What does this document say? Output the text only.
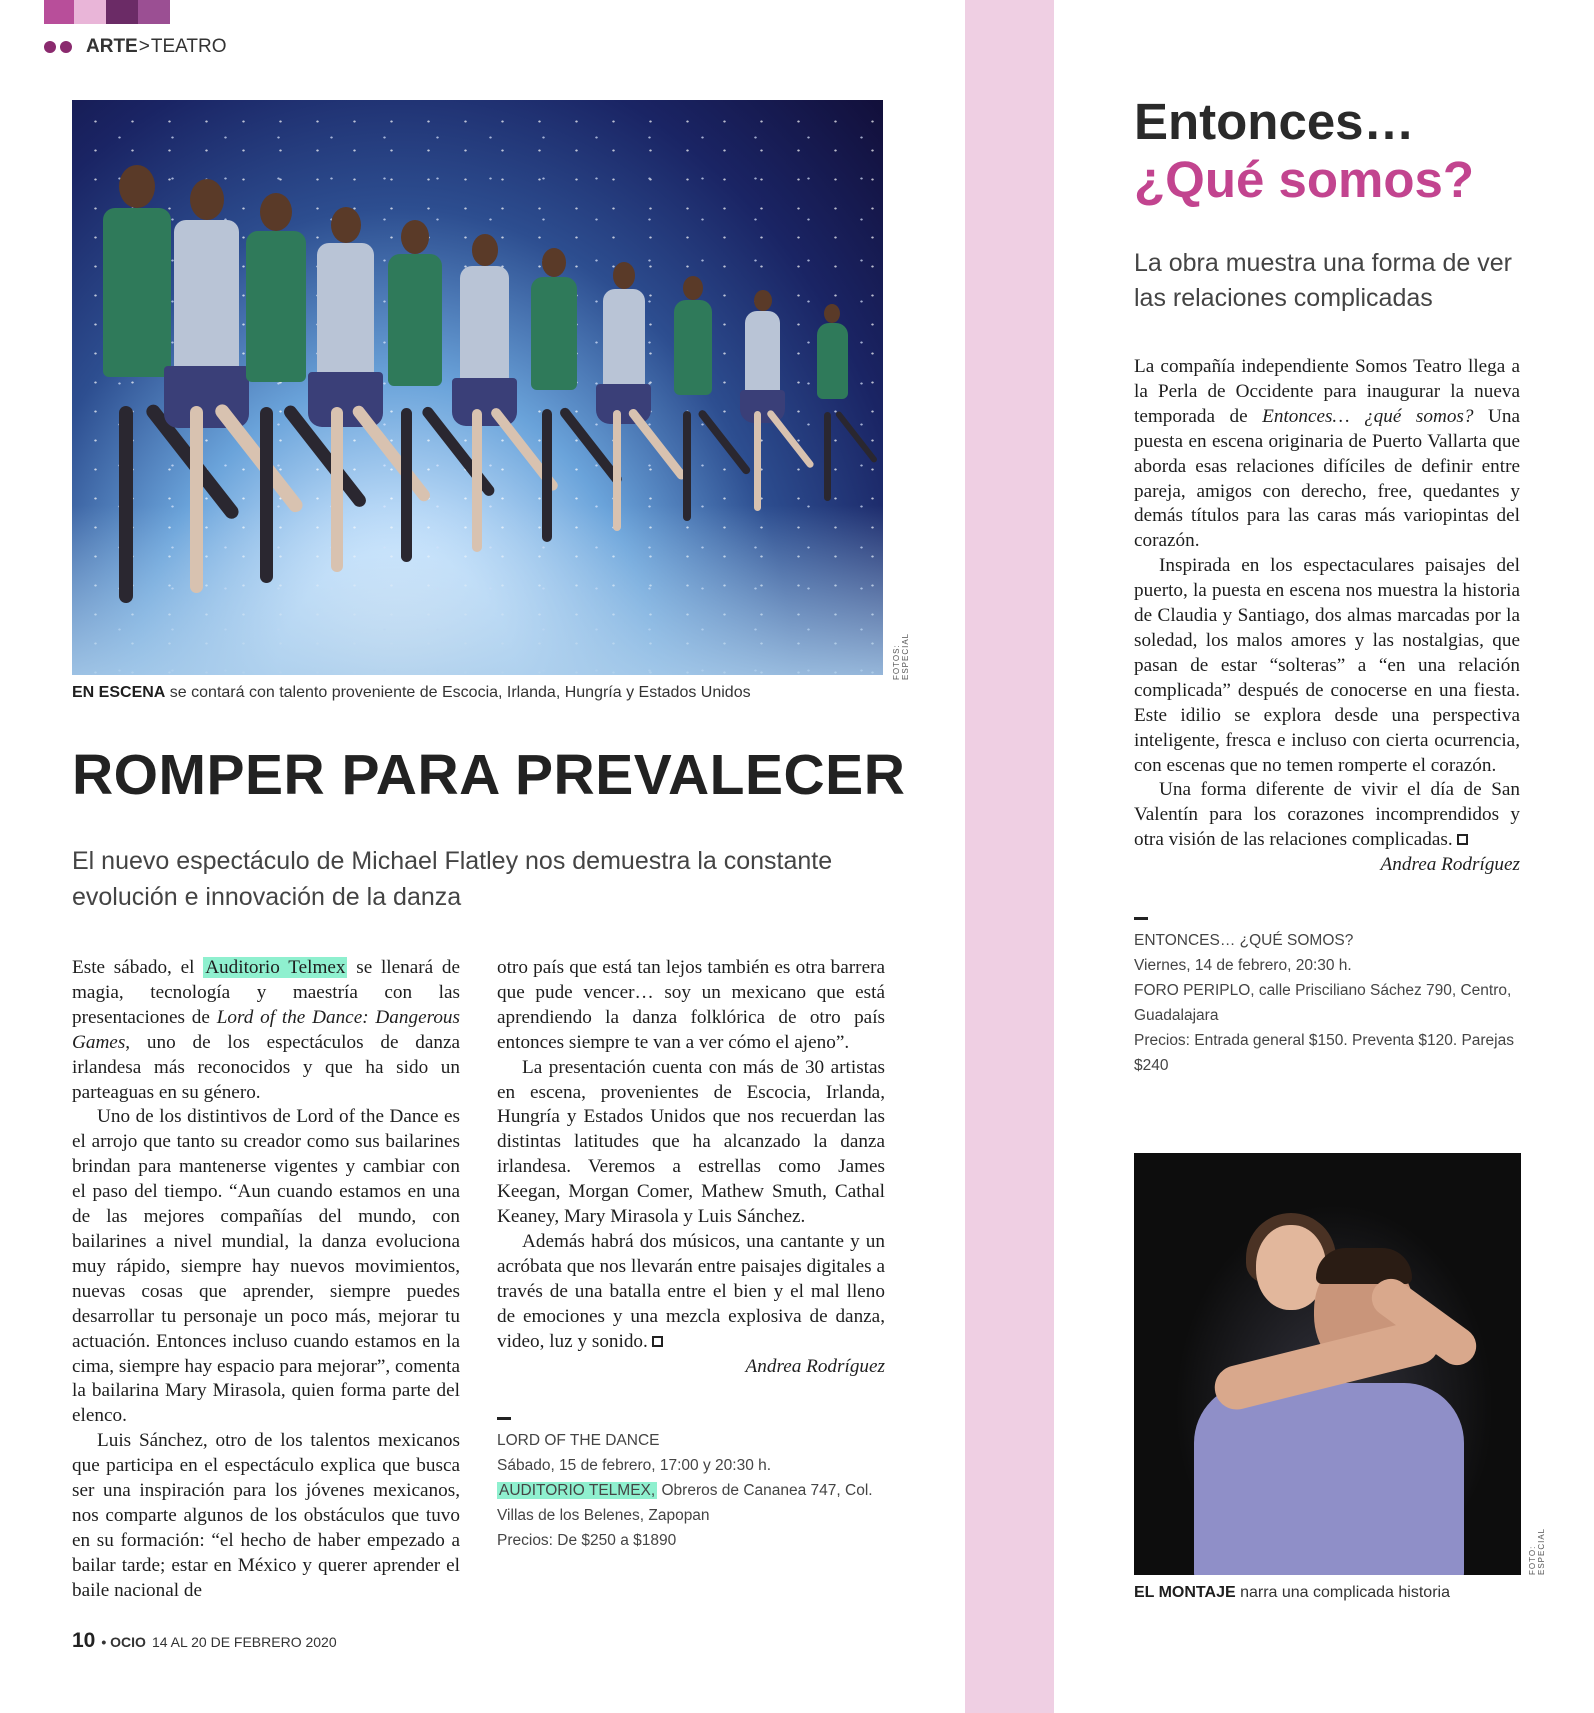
ARTE > TEATRO
FOTOS: ESPECIAL
EN ESCENA se contará con talento proveniente de Escocia, Irlanda, Hungría y Estados Unidos
ROMPER PARA PREVALECER
El nuevo espectáculo de Michael Flatley nos demuestra la constante evolución e innovación de la danza

Este sábado, el Auditorio Telmex se llenará de magia, tecnología y maestría con las presentaciones de Lord of the Dance: Dangerous Games, uno de los espectáculos de danza irlandesa más reconocidos y que ha sido un parteaguas en su género.

Uno de los distintivos de Lord of the Dance es el arrojo que tanto su creador como sus bailarines brindan para mantenerse vigentes y cambiar con el paso del tiempo. “Aun cuando estamos en una de las mejores compañías del mundo, con bailarines a nivel mundial, la danza evoluciona muy rápido, siempre hay nuevos movimientos, nuevas cosas que aprender, siempre puedes desarrollar tu personaje un poco más, mejorar tu actuación. Entonces incluso cuando estamos en la cima, siempre hay espacio para mejorar”, comenta la bailarina Mary Mirasola, quien forma parte del elenco.

Luis Sánchez, otro de los talentos mexicanos que participa en el espectáculo explica que busca ser una inspiración para los jóvenes mexicanos, nos comparte algunos de los obstáculos que tuvo en su formación: “el hecho de haber empezado a bailar tarde; estar en México y querer aprender el baile nacional de

otro país que está tan lejos también es otra barrera que pude vencer… soy un mexicano que está aprendiendo la danza folklórica de otro país entonces siempre te van a ver cómo el ajeno”.

La presentación cuenta con más de 30 artistas en escena, provenientes de Escocia, Irlanda, Hungría y Estados Unidos que nos recuerdan las distintas latitudes que ha alcanzado la danza irlandesa. Veremos a estrellas como James Keegan, Morgan Comer, Mathew Smuth, Cathal Keaney, Mary Mirasola y Luis Sánchez.

Además habrá dos músicos, una cantante y un acróbata que nos llevarán entre paisajes digitales a través de una batalla entre el bien y el mal lleno de emociones y una mezcla explosiva de danza, video, luz y sonido.

Andrea Rodríguez

LORD OF THE DANCE
Sábado, 15 de febrero, 17:00 y 20:30 h.
AUDITORIO TELMEX, Obreros de Cananea 747, Col. Villas de los Belenes, Zapopan
Precios: De $250 a $1890
10 • OCIO 14 AL 20 DE FEBRERO 2020
Entonces…
¿Qué somos?
La obra muestra una forma de ver las relaciones complicadas

La compañía independiente Somos Teatro llega a la Perla de Occidente para inaugurar la nueva temporada de Entonces… ¿qué somos? Una puesta en escena originaria de Puerto Vallarta que aborda esas relaciones difíciles de definir entre pareja, amigos con derecho, free, quedantes y demás títulos para las caras más variopintas del corazón.

Inspirada en los espectaculares paisajes del puerto, la puesta en escena nos muestra la historia de Claudia y Santiago, dos almas marcadas por la soledad, los malos amores y las nostalgias, que pasan de estar “solteras” a “en una relación complicada” después de conocerse en una fiesta. Este idilio se explora desde una perspectiva inteligente, fresca e incluso con cierta ocurrencia, con escenas que no temen romperte el corazón.

Una forma diferente de vivir el día de San Valentín para los corazones incomprendidos y otra visión de las relaciones complicadas.

Andrea Rodríguez

ENTONCES… ¿QUÉ SOMOS?
Viernes, 14 de febrero, 20:30 h.
FORO PERIPLO, calle Prisciliano Sáchez 790, Centro, Guadalajara
Precios: Entrada general $150. Preventa $120. Parejas $240
FOTO: ESPECIAL
EL MONTAJE narra una complicada historia
